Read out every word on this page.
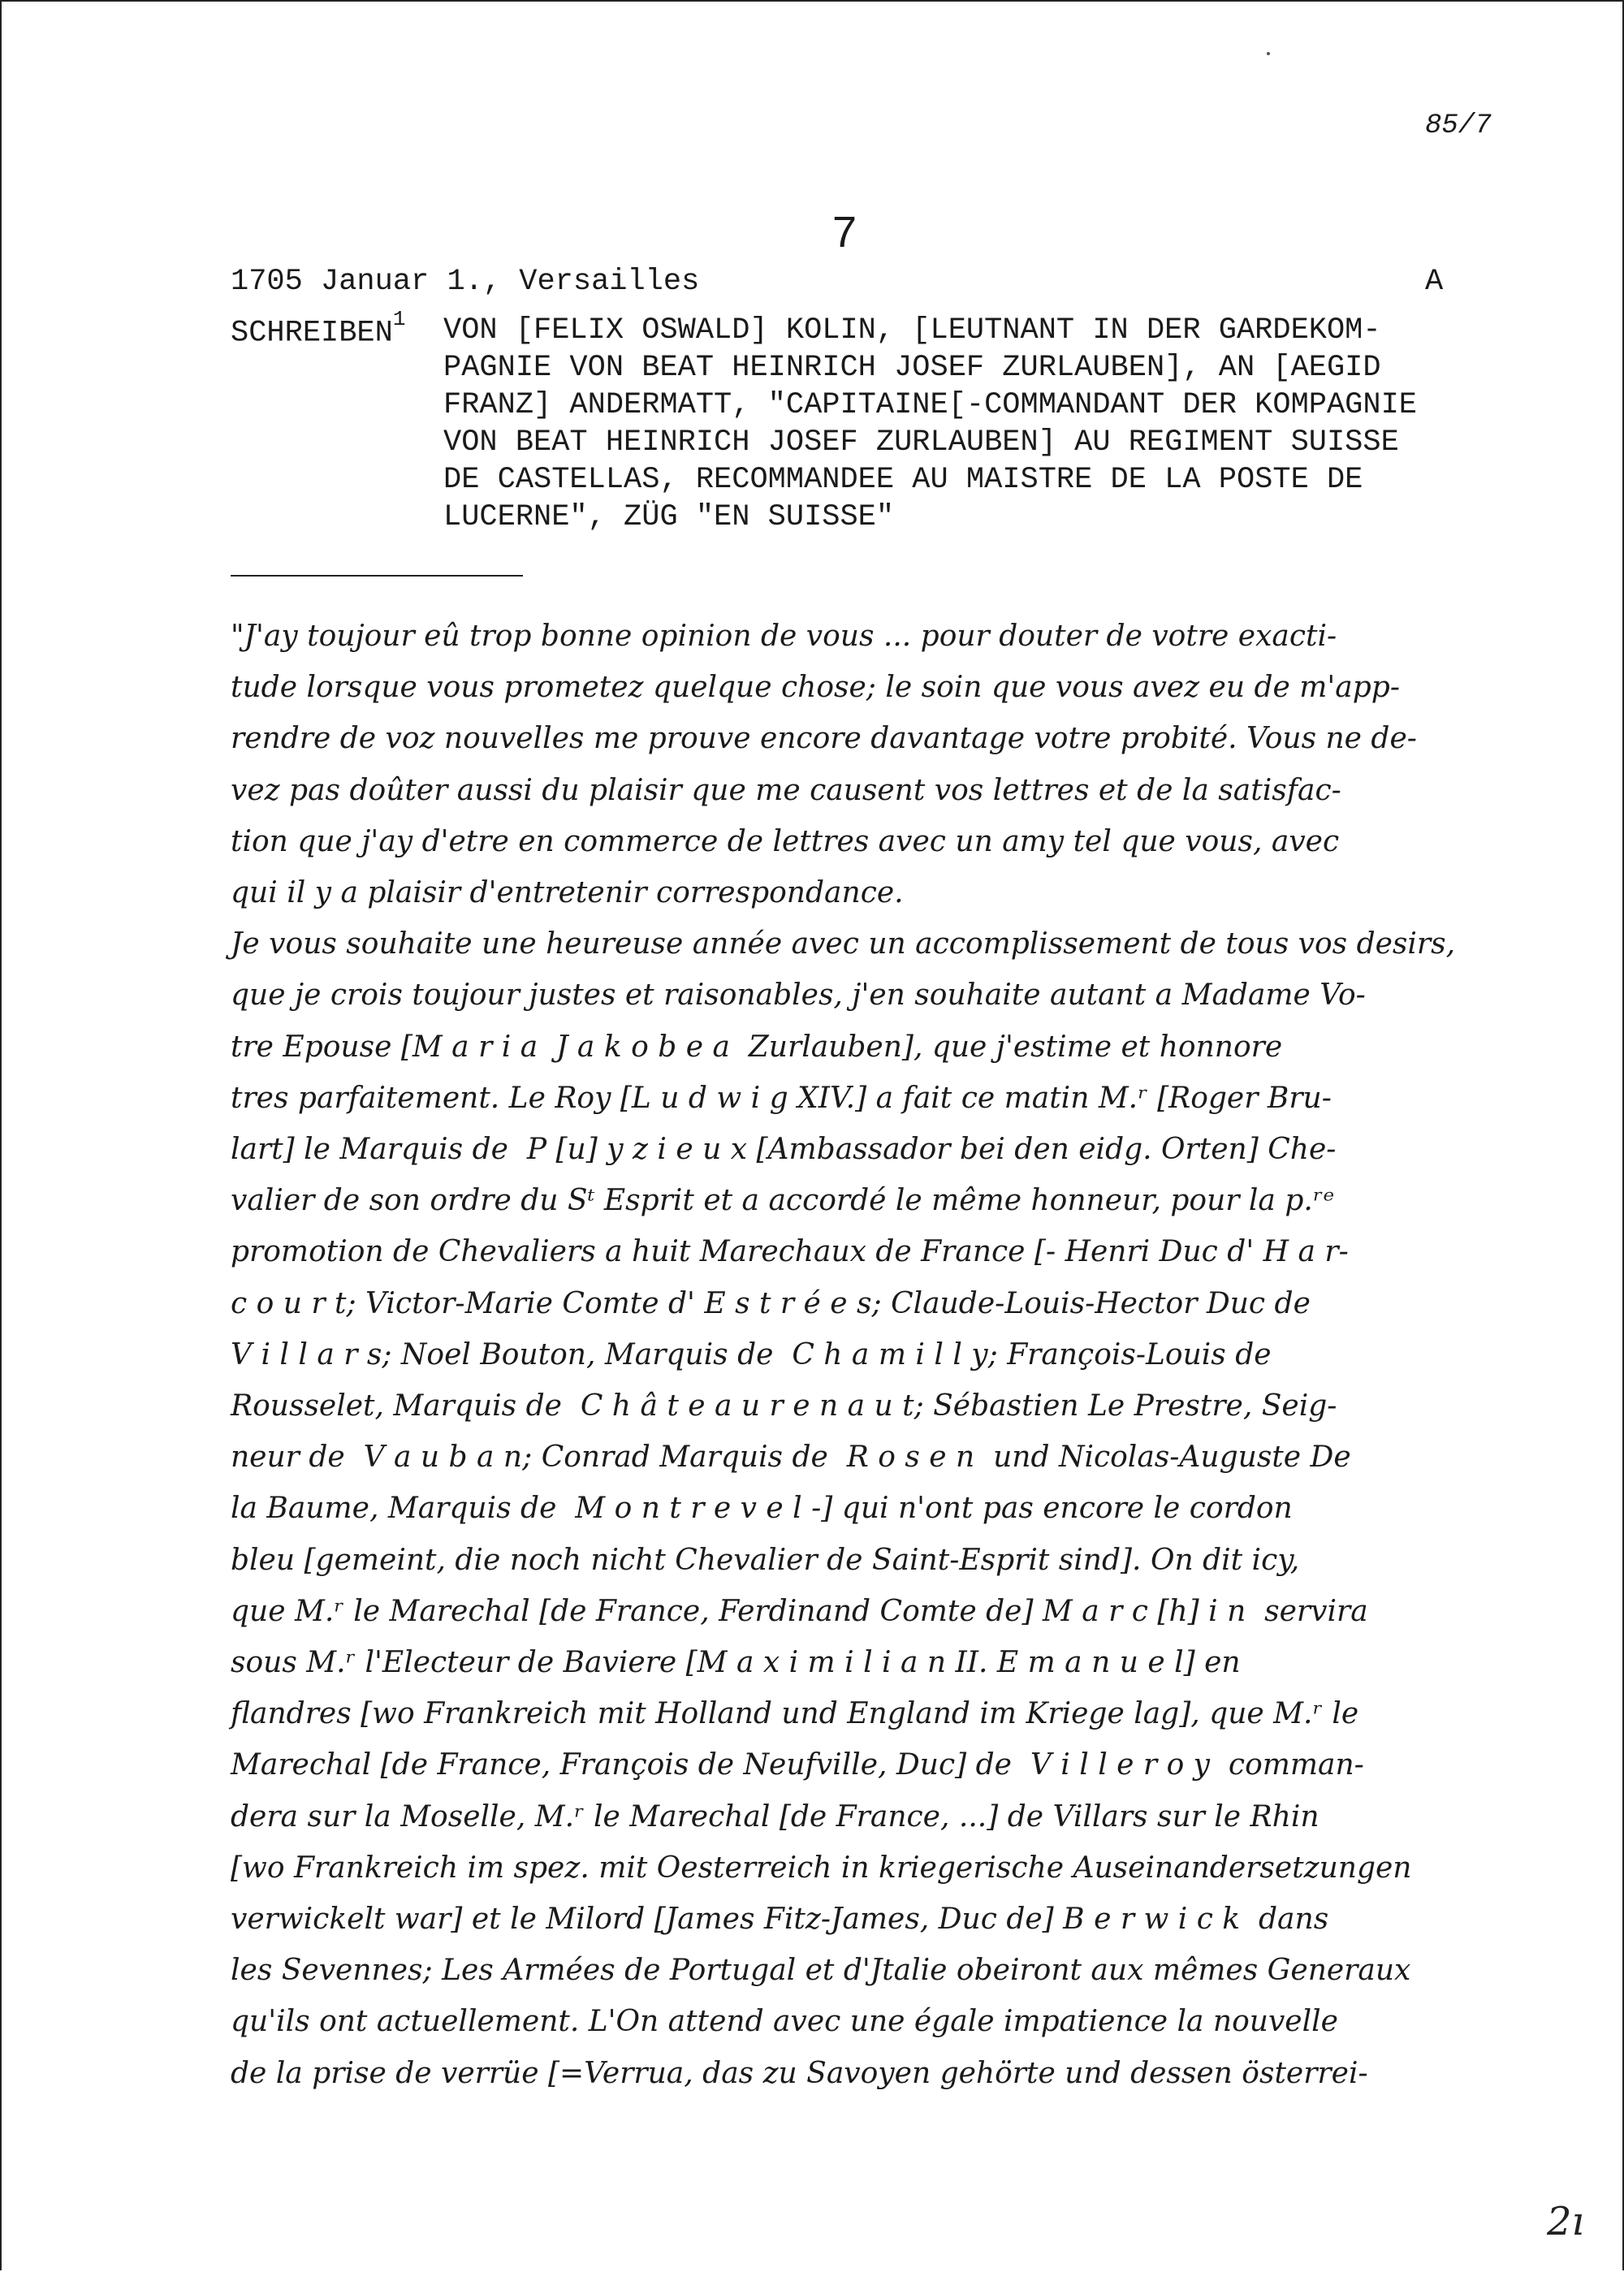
85/7
7
1705 Januar 1., Versailles	A
SCHREIBEN$^1$ VON [FELIX OSWALD] KOLIN, [LEUTNANT IN DER GARDEKOM-
PAGNIE VON BEAT HEINRICH JOSEF ZURLAUBEN], AN [AEGID
FRANZ] ANDERMATT, "CAPITAINE[-COMMANDANT DER KOMPAGNIE
VON BEAT HEINRICH JOSEF ZURLAUBEN] AU REGIMENT SUISSE
DE CASTELLAS, RECOMMANDEE AU MAISTRE DE LA POSTE DE
LUCERNE", ZÜG "EN SUISSE"
"J'ay toujour eû trop bonne opinion de vous ... pour douter de votre exacti-
tude lorsque vous prometez quelque chose; le soin que vous avez eu de m'app-
rendre de voz nouvelles me prouve encore davantage votre probité. Vous ne de-
vez pas doûter aussi du plaisir que me causent vos lettres et de la satisfac-
tion que j'ay d'etre en commerce de lettres avec un amy tel que vous, avec
qui il y a plaisir d'entretenir correspondance.
Je vous souhaite une heureuse année avec un accomplissement de tous vos desirs,
que je crois toujour justes et raisonables, j'en souhaite autant a Madame Vo-
tre Epouse [M a r i a  J a k o b e a  Zurlauben], que j'estime et honnore
tres parfaitement. Le Roy [L u d w i g XIV.] a fait ce matin M.ʳ [Roger Bru-
lart] le Marquis de  P [u] y z i e u x [Ambassador bei den eidg. Orten] Che-
valier de son ordre du Sᵗ Esprit et a accordé le même honneur, pour la p.ʳᵉ
promotion de Chevaliers a huit Marechaux de France [- Henri Duc d' H a r-
c o u r t; Victor-Marie Comte d' E s t r é e s; Claude-Louis-Hector Duc de
V i l l a r s; Noel Bouton, Marquis de  C h a m i l l y; François-Louis de
Rousselet, Marquis de  C h â t e a u r e n a u t; Sébastien Le Prestre, Seig-
neur de  V a u b a n; Conrad Marquis de  R o s e n  und Nicolas-Auguste De
la Baume, Marquis de  M o n t r e v e l -] qui n'ont pas encore le cordon
bleu [gemeint, die noch nicht Chevalier de Saint-Esprit sind]. On dit icy,
que M.ʳ le Marechal [de France, Ferdinand Comte de] M a r c [h] i n  servira
sous M.ʳ l'Electeur de Baviere [M a x i m i l i a n II. E m a n u e l] en
flandres [wo Frankreich mit Holland und England im Kriege lag], que M.ʳ le
Marechal [de France, François de Neufville, Duc] de  V i l l e r o y  comman-
dera sur la Moselle, M.ʳ le Marechal [de France, ...] de Villars sur le Rhin
[wo Frankreich im spez. mit Oesterreich in kriegerische Auseinandersetzungen
verwickelt war] et le Milord [James Fitz-James, Duc de] B e r w i c k  dans
les Sevennes; Les Armées de Portugal et d'Jtalie obeiront aux mêmes Generaux
qu'ils ont actuellement. L'On attend avec une égale impatience la nouvelle
de la prise de verrüe [=Verrua, das zu Savoyen gehörte und dessen österrei-
2ı
